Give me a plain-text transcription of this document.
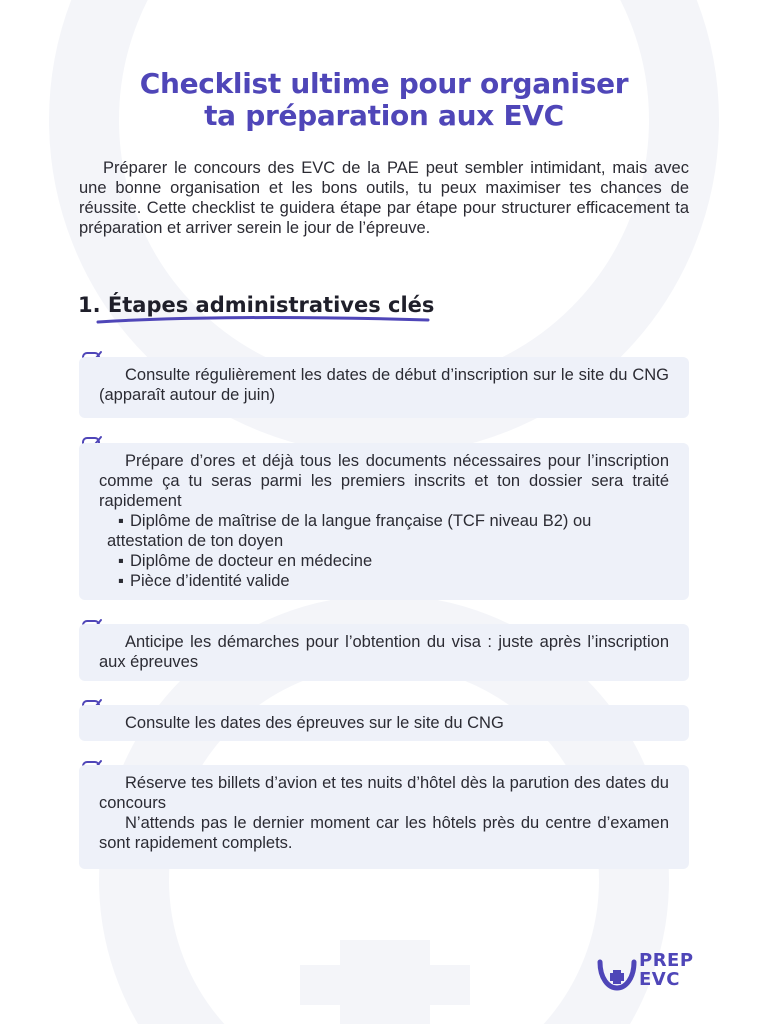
Checklist ultime pour organiser
ta préparation aux EVC

Préparer le concours des EVC de la PAE peut sembler intimidant, mais avec une bonne organisation et les bons outils, tu peux maximiser tes chances de réussite. Cette checklist te guidera étape par étape pour structurer efficacement ta préparation et arriver serein le jour de l’épreuve.

1. Étapes administratives clés

Consulte régulièrement les dates de début d’inscription sur le site du CNG (apparaît autour de juin)

Prépare d’ores et déjà tous les documents nécessaires pour l’inscription comme ça tu seras parmi les premiers inscrits et ton dossier sera traité rapidement

▪ Diplôme de maîtrise de la langue française (TCF niveau B2) ou
attestation de ton doyen
▪ Diplôme de docteur en médecine
▪ Pièce d’identité valide

Anticipe les démarches pour l’obtention du visa : juste après l’inscription aux épreuves

Consulte les dates des épreuves sur le site du CNG

Réserve tes billets d’avion et tes nuits d’hôtel dès la parution des dates du concours

N’attends pas le dernier moment car les hôtels près du centre d’examen sont rapidement complets.

PREP
EVC
